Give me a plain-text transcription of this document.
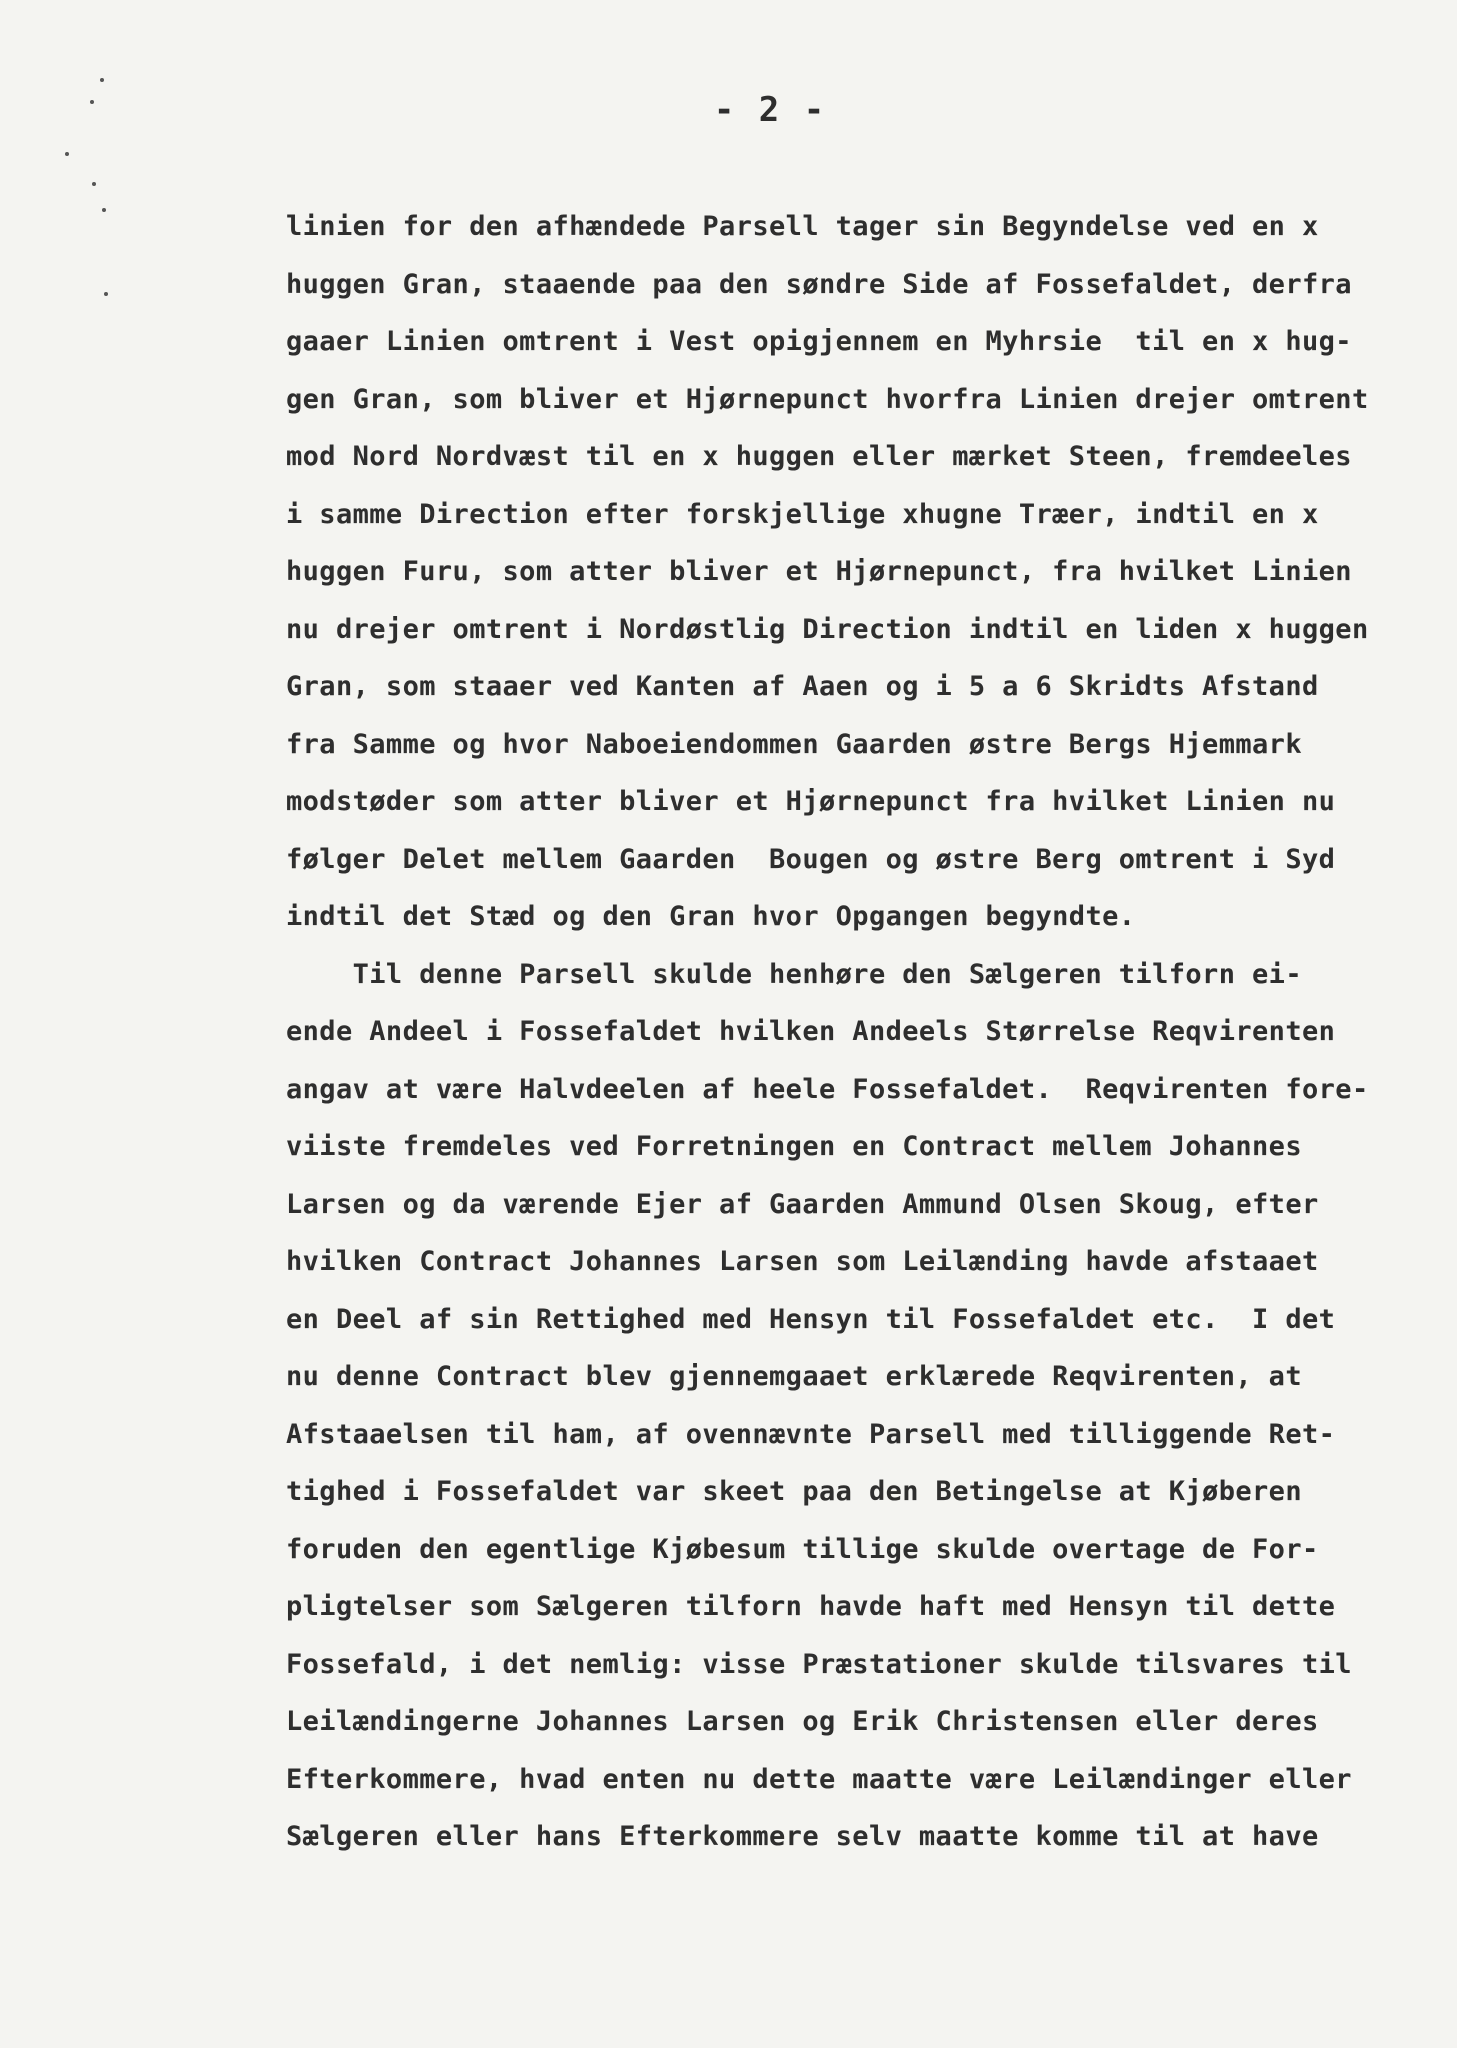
- 2 -
linien for den afhændede Parsell tager sin Begyndelse ved en x
huggen Gran, staaende paa den søndre Side af Fossefaldet, derfra
gaaer Linien omtrent i Vest opigjennem en Myhrsie  til en x hug-
gen Gran, som bliver et Hjørnepunct hvorfra Linien drejer omtrent
mod Nord Nordvæst til en x huggen eller mærket Steen, fremdeeles
i samme Direction efter forskjellige xhugne Træer, indtil en x
huggen Furu, som atter bliver et Hjørnepunct, fra hvilket Linien
nu drejer omtrent i Nordøstlig Direction indtil en liden x huggen
Gran, som staaer ved Kanten af Aaen og i 5 a 6 Skridts Afstand
fra Samme og hvor Naboeiendommen Gaarden østre Bergs Hjemmark
modstøder som atter bliver et Hjørnepunct fra hvilket Linien nu
følger Delet mellem Gaarden  Bougen og østre Berg omtrent i Syd
indtil det Stæd og den Gran hvor Opgangen begyndte.
Til denne Parsell skulde henhøre den Sælgeren tilforn ei-
ende Andeel i Fossefaldet hvilken Andeels Størrelse Reqvirenten
angav at være Halvdeelen af heele Fossefaldet.  Reqvirenten fore-
viiste fremdeles ved Forretningen en Contract mellem Johannes
Larsen og da værende Ejer af Gaarden Ammund Olsen Skoug, efter
hvilken Contract Johannes Larsen som Leilænding havde afstaaet
en Deel af sin Rettighed med Hensyn til Fossefaldet etc.  I det
nu denne Contract blev gjennemgaaet erklærede Reqvirenten, at
Afstaaelsen til ham, af ovennævnte Parsell med tilliggende Ret-
tighed i Fossefaldet var skeet paa den Betingelse at Kjøberen
foruden den egentlige Kjøbesum tillige skulde overtage de For-
pligtelser som Sælgeren tilforn havde haft med Hensyn til dette
Fossefald, i det nemlig: visse Præstationer skulde tilsvares til
Leilændingerne Johannes Larsen og Erik Christensen eller deres
Efterkommere, hvad enten nu dette maatte være Leilændinger eller
Sælgeren eller hans Efterkommere selv maatte komme til at have
